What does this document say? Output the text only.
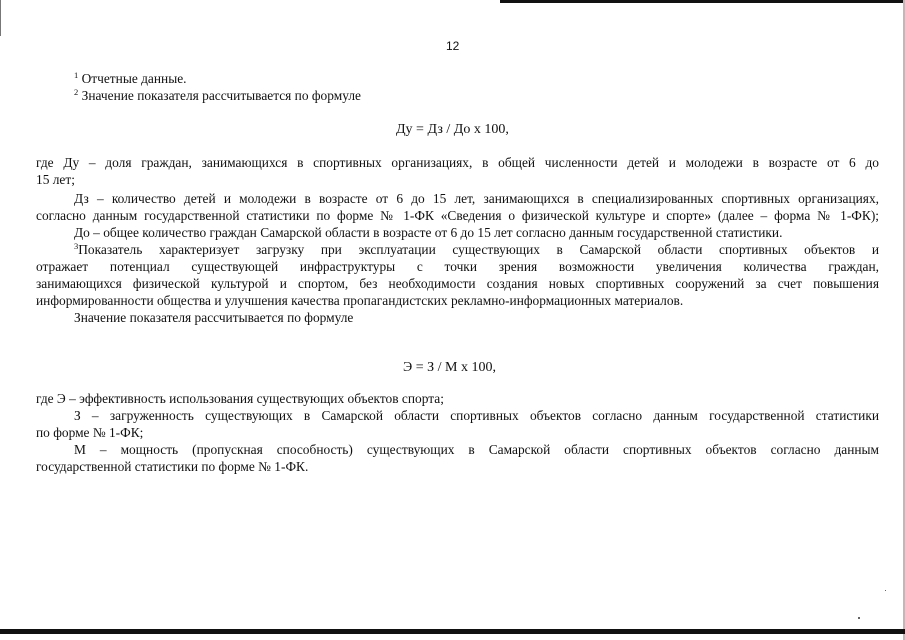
12
$^1$ Отчетные данные.
$^2$ Значение показателя рассчитывается по формуле
Ду = Дз / До х 100,
где Ду – доля граждан, занимающихся в спортивных организациях, в общей численности детей и молодежи в возрасте от 6 до
15 лет;
Дз – количество детей и молодежи в возрасте от 6 до 15 лет, занимающихся в специализированных спортивных организациях,
согласно данным государственной статистики по форме № 1-ФК «Сведения о физической культуре и спорте» (далее – форма № 1-ФК);
До – общее количество граждан Самарской области в возрасте от 6 до 15 лет согласно данным государственной статистики.
$^3$Показатель характеризует загрузку при эксплуатации существующих в Самарской области спортивных объектов и
отражает потенциал существующей инфраструктуры с точки зрения возможности увеличения количества граждан,
занимающихся физической культурой и спортом, без необходимости создания новых спортивных сооружений за счет повышения
информированности общества и улучшения качества пропагандистских рекламно-информационных материалов.
Значение показателя рассчитывается по формуле
Э = З / М х 100,
где Э – эффективность использования существующих объектов спорта;
З – загруженность существующих в Самарской области спортивных объектов согласно данным государственной статистики
по форме № 1-ФК;
М – мощность (пропускная способность) существующих в Самарской области спортивных объектов согласно данным
государственной статистики по форме № 1-ФК.
